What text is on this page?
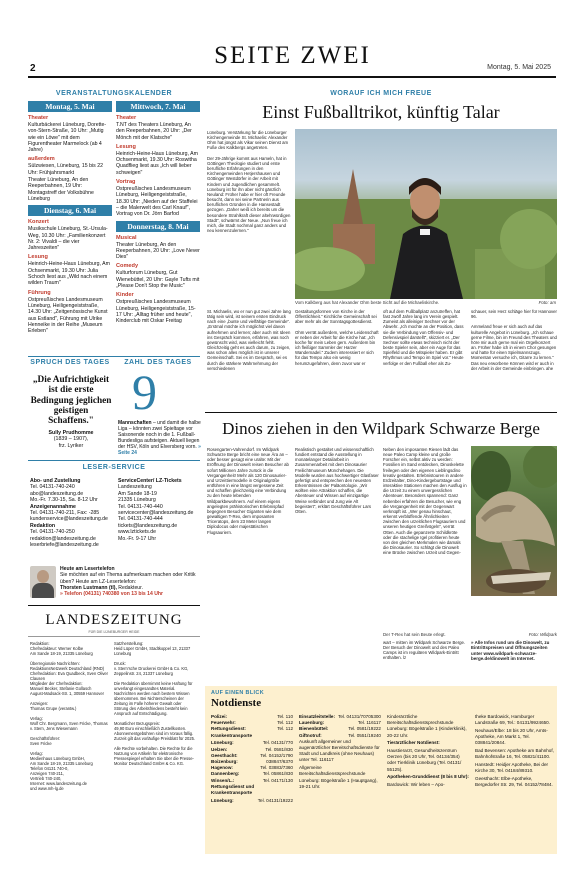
SEITE ZWEI
2	Montag, 5. Mai 2025
VERANSTALTUNGSKALENDER
Montag, 5. Mai
Theater
Kulturbäckerei Lüneburg, Dorette-von-Stern-Straße, 10 Uhr: „Mutig wie ein Löwe" mit dem Figurentheater Marmelock (ab 4 Jahre)
außerdem
Sülzwiesen, Lüneburg, 15 bis 22 Uhr: Frühjahrsmarkt
Theater Lüneburg, An den Reeperbahnen, 19 Uhr: Montagstreff der Volksbühne Lüneburg
Dienstag, 6. Mai
Konzert
Musikschule Lüneburg, St.-Ursula-Weg, 10.30 Uhr: „Familienkonzert Nr. 2: Vivaldi – die vier Jahreszeiten"
Lesung
Heinrich-Heine-Haus Lüneburg, Am Ochsenmarkt, 19.30 Uhr: Julia Schoch liest aus „Wild nach einem wilden Traum"
Führung
Ostpreußisches Landesmuseum Lüneburg, Heiligengeiststraße, 14.30 Uhr: „Zeitgenössische Kunst aus Estland", Führung mit Ulrike Henneike in der Reihe „Museum Erleben"
Mittwoch, 7. Mai
Theater
T.NT des Theaters Lüneburg, An den Reeperbahnen, 20 Uhr: „Der Mönch mit der Klatsche"
Lesung
Heinrich-Heine-Haus Lüneburg, Am Ochsenmarkt, 19.30 Uhr: Roswitha Quadflieg liest aus „Ich will lieber schweigen"
Vortrag
Ostpreußisches Landesmuseum Lüneburg, Heiligengeiststraße, 18.30 Uhr: „Nieden auf der Staffelei – die Malerwelt des Carl Knauf", Vortrag von Dr. Jörn Barfod
Donnerstag, 8. Mai
Musical
Theater Lüneburg, An den Reeperbahnen, 20 Uhr: „Love Never Dies"
Comedy
Kulturforum Lüneburg, Gut Wienebüttel, 20 Uhr: Gayle Tufts mit „Please Don't Stop the Music"
Kinder
Ostpreußisches Landesmuseum Lüneburg, Heiligengeiststraße, 15-17 Uhr: „Alltag früher und heute", Kinderclub mit Oskar Freitag
SPRUCH DES TAGES	ZAHL DES TAGES
„Die Aufrichtigkeit ist die erste Bedingung jeglichen geistigen Schaffens."
Sully Prudhomme
(1839 – 1907),
frz. Lyriker
9
Mannschaften – und damit die halbe Liga – könnten zwei Spieltage vor Saisonende noch in die 1. Fußball-Bundesliga aufsteigen. Aktuell liegen der HSV, Köln und Elversberg vorn. » Seite 24
LESER-SERVICE
Abo- und Zustellung
Tel. 04131-740-240
abo@landeszeitung.de
Mo.-Fr. 7.30-15, Sa. 8-12 Uhr
Anzeigenannahme
Tel. 04131-740-211, Fax: -285
kundenservice@landeszeitung.de
Redaktion
Tel. 04131-740-250
redaktion@landeszeitung.de
leserbriefe@landeszeitung.de
ServiceCenter/ LZ-Tickets
Landeszeitung
Am Sande 18-19
21335 Lüneburg
Tel. 04131-740-440
servicecenter@landeszeitung.de
Tel. 04131-740-444
tickets@landeszeitung.de
www.lztickets.de
Mo.-Fr. 9-17 Uhr
Heute am Lesertelefon
Sie möchten auf ein Thema aufmerksam machen oder Kritik üben? Heute am LZ-Lesertelefon:
Thorsten Lustmann (tl), Redakteur.
» Telefon (04131) 740380 von 13 bis 14 Uhr
LANDESZEITUNG
FÜR DIE LÜNEBURGER HEIDE
Redaktion:
Chefredakteur: Werner Kolbe
Am Sande 18-19, 21335 Lüneburg

Überregionale Nachrichten:
RedaktionsNetzwerk Deutschland (RND)
Chefredaktion: Eva Quadbeck, Sven Oliver Clausen
Mitglieder der Chefredaktion:
Manuel Becker, Stefanie Gollasch
August-Madsack-Str. 1, 30559 Hannover

Anzeigen:
Thomas Grupe (verantw.)

Verlag:
Wolf Chr. Bergmann, Sven Fricke, Thomas v. Stern, Jens Wiesemann

Geschäftsführer:
Sven Fricke

Verlag:
Medienhaus Lüneburg GmbH,
Am Sande 18-19, 21335 Lüneburg
Telefon 04131 740-0,
Anzeigen 740-211,
Vertrieb 740-240,
Internet: www.landeszeitung.de
und www.mh-lg.de
Satzherstellung:
Heid Lüper GmbH, Stadtkoppel 13, 21337 Lüneburg

Druck:
v. Stern'sche Druckerei GmbH & Co. KG, Zeppelinstr. 24, 21337 Lüneburg

Die Redaktion übernimmt keine Haftung für unverlangt eingesandtes Material. Nachrichten werden nach bestem Wissen übernommen. Bei Nichterscheinen der Zeitung im Falle höherer Gewalt oder Störung des Arbeitsfriedens besteht kein Anspruch auf Entschädigung.

Monatlicher Bezugspreis:
49,90 Euro einschließlich Zustellkosten. Abonnementgebühren sind im Voraus fällig.
Zurzeit gilt das vorläufige Preisblatt für 2025.

Alle Rechte vorbehalten. Die Rechte für die Nutzung von Artikeln für elektronische Pressespiegel erhalten Sie über die Presse-Monitor Deutschland GmbH & Co. KG.
WORAUF ICH MICH FREUE
Einst Fußballtrikot, künftig Talar
Lüneburg. Verstärkung für die Lüneburger Kirchengemeinde St. Michaelis: Alexander Ohm hat jüngst als Vikar seinen Dienst am Fuße des Kalkbergs angetreten.

Der 29-Jährige kommt aus Hameln, hat in Göttingen Theologie studiert und erste berufliche Erfahrungen in den Kirchengemeinden Hetjershausen und Göttinger Westdörfer in der Arbeit mit Kindern und Jugendlichen gesammelt. Lüneburg ist für ihn aber nicht gänzlich Neuland: Früher habe er hier oft Freunde besucht, dann sei seine Partnerin aus beruflichen Gründen in die Hansestadt gezogen. „Daher weiß ich bereits um die besondere Strahlkraft dieser altehrwürdigen Stadt", schwärmt der Neue. „Nun freue ich mich, die Stadt nochmal ganz anders und neu kennenzulernen."
Vom Kalkberg aus hat Alexander Ohm beste Sicht auf die Michaeliskirche.	Foto: am
St. Michaelis, wo er nun gut zwei Jahre lang tätig sein wird, ist seinem ersten Eindruck nach eine „bunte und vielfältige Gemeinde". „Erstmal möchte ich möglichst viel davon aufnehmen und lernen; aber auch mit Ideen ins Gespräch kommen, erfahren, was noch gewünscht wird, was vielleicht fehlt. Gleichzeitig geht es auch darum, zu zeigen, was schon alles möglich ist in unserer Gemeinschaft. Sei es im Gespräch, sei es durch die stärkere Wahrnehmung der verschiedenen
Gestaltungsformen von Kirche in der Öffentlichkeit." Kirchliche Gemeinschaft sei aber mehr als der Sonntagsgottesdienst.

Ohm verrät außerdem, welche Leidenschaft er neben der Arbeit für die Kirche hat: „Ich koche für mein Leben gern. Außerdem bin ich fleißiger Sammler der Harzer Wandernadel." Zudem interessiert er sich für das Tempo also ein wenig herumzugefahren, denn zuvor war er
oft auf dem Fußballplatz anzutreffen, hat fast zwölf Jahre lang im Verein gespielt. Zumeist als alleiniger Sechser vor der Abwehr. „Ich mochte an der Position, dass sie die Verbindung von Offensiv- und Defensivspiel darstellt", skizziert er. „Der Sechser sollte etwas technisch nicht der beste Spieler sein, aber ein Auge für das Spielfeld und die Mitspieler haben. Er gibt Rhythmus und Tempo im Spiel vor." Heute verfolge er den Fußball eher als Zu-
schauer, sein Herz schläge hier für Hannover 96.

Ammeland freue er sich auch auf das kulturelle Angebot in Lüneburg. „Ich schaue gerne Filme, bin im Freund des Theaters und höre mir auch gerne mal ein Orgelkonzert an. Früher habe ich in einem Chor gesungen und hatte für einen Spielmannszugs. Momentan versuche ich, Gitarre zu lernen." Das neu erworbene Können wird er auch in der Arbeit in der Gemeinde einbringen. ahe
Dinos ziehen in den Wildpark Schwarze Berge
Rosengarten-Vahrendorf. Im Wildpark Schwarze Berge bricht eine neue Ära an – oder besser gesagt eine uralte: Mit der Eröffnung der Dinowelt reisen Besucher ab sofort Millionen Jahre zurück in die Vergangenheit! Mehr als 120 Dinosaurier- und Urzeittiermodelle in Originalgröße entführen in eine längst vergessene Zeit und schaffen gleichzeitig eine Verbindung zu den heute lebenden Wildparkbewohnern. Auf einem eigens angelegten prähistorischen Erlebnispfad begegnen Besucher Giganten wie dem gewaltigen T-Rex, dem imposanten Triceratops, dem 23 Meter langen Diplodocus oder majestätischen Flugsauriern.
Realistisch gestaltet und wissenschaftlich fundiert entstand die Ausstellung in monatelanger Detailarbeit in Zusammenarbeit mit dem Dinosaurier Freilichtmuseum Münchehagen. Die Modelle wurden aus hochwertiger Glasfaser gefertigt und entsprechen den neuesten Erkenntnissen der Paläontologie. „Wir wollten eine Attraktion schaffen, die Abenteuer und Wissen auf einzigartige Weise verbindet und Jung wie Alt begeistert", erklärt Geschäftsführer Lars Otten.
Neben den imposanten Riesen lädt das neue Paleo Camp kleine und große Forscher ein, selbst aktiv zu werden: Fossilien im Sand entdecken, Dinoskelette freilegen oder den eigenen Lieblingsdino kreativ gestalten. Erlebnistouren in andere Erdzeitalter, Dino-Kindergeburtstage und interaktive Stationen machen den Ausflug in die Urzeit zu einem unvergesslichen Abenteuer. Besonders spannend: Ganz nebenbei erfahren die Besucher, wie eng die Vergangenheit mit der Gegenwart verknüpft ist. „Wer genau hinschaut, erkennt verblüffende Ähnlichkeiten zwischen den urzeitlichen Flugsauriern und unseren heutigen Greifvögeln", verrät Otten. Auch die gepanzerte Schildkröte oder die stachelige Igel profitieren heute von den gleichen Merkmalen wie damals die Dinosaurier. So schlägt die Dinowelt eine Brücke zwischen Urzeit und Gegen-
Der T-Rex hat sein Beute erlegt.	Foto: Wildpark
wart – mitten im Wildpark Schwarze Berge. Der Besuch der Dinowelt und des Paleo Camps ist im regulären Wildpark-Eintritt enthalten. lz
» Alle Infos rund um die Dinowelt, zu Eintrittspreisen und Öffnungszeiten unter www.wildpark-schwarze-berge.de/dinowelt im Internet.
AUF EINEN BLICK
Notdienste
Polizei:	Tel. 110
Feuerwehr:	Tel. 112
Rettungsdienst:	Tel. 112
Krankentransporte
Lüneburg:	Tel. 04131/770
Uelzen:	Tel. 0581/830
Geesthacht:	Tel. 04152/1790
Boizenburg:	038847/6370
Hagenow:	Tel. 03883/7360
Dannenberg:	Tel. 05861/830
Winsen/L.:	Tel. 04171/130
Rettungsdienst und Krankentransporte
Lüneburg:	Tel. 04131/19222
Einsatzleitstelle: Tel. 04131/70705300
Lauenburg:	Tel. 116117
Bienenbüttel:	Tel. 0581/19222
Giftnotruf:	Tel. 0551/19240
Auskunft allgemeiner und augenärztlicher Bereitschaftsdienste für Stadt und Landkreis (ohne Neuhaus) unter Tel. 116117
Allgemeine Bereitschaftsdienstsprechstunde Lüneburg: Bögelstraße 1 (Hauptgang), 19-21 Uhr.
Kinderärztliche Bereitschaftsdienstsprechstunde Lüneburg: Bögelstraße 1 (Kinderklinik), 20-22 Uhr.
Tierärztlicher Notdienst:
Haustierarzt, Gesundheitszentrum Oerzen (bis 20 Uhr, Tel. 04134/354) oder Tierklinik Lüneburg (Tel. 04131/ 55125).
Apotheken-Grunddienst (8 bis 8 Uhr):
Bardowick: Wir leben – Apo-
theke Bardowick, Hamburger Landstraße 69, Tel.: 04131/9924650.
Neuhaus/Elbe: 18 bis 20 Uhr, Amts-Apotheke, Am Markt 1, Tel. 038841/20844.
Bad Bevensen: Apotheke am Bahnhof, Bahnhofstraße 16, Tel. 05821/41100.
Hanstedt: Heidjer Apotheke, Bei der Kirche 30, Tel. 04184/89310.
Geesthacht: Elbe-Apotheke, Bergedorfer Str. 29, Tel. 04152/78484.
